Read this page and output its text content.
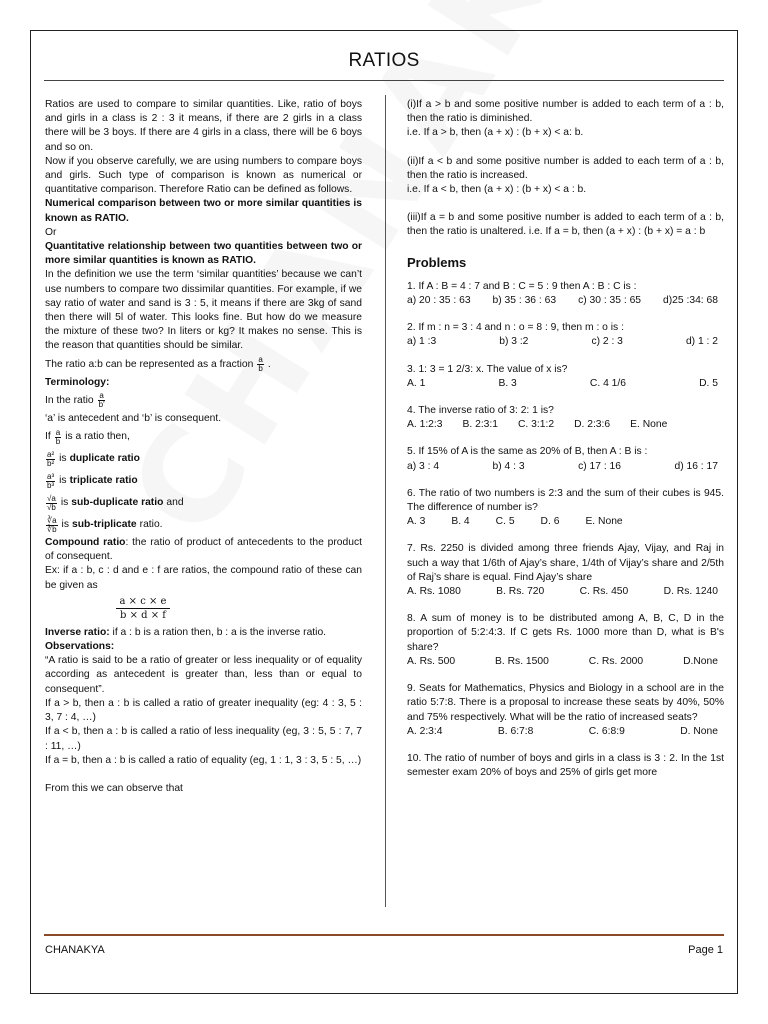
RATIOS

Ratios are used to compare to similar quantities. Like, ratio of boys and girls in a class is 2 : 3 it means, if there are 2 girls in a class there will be 3 boys. If there are 4 girls in a class, there will be 6 boys and so on.

Now if you observe carefully, we are using numbers to compare boys and girls. Such type of comparison is known as numerical or quantitative comparison. Therefore Ratio can be defined as follows.

Numerical comparison between two or more similar quantities is known as RATIO.

Or

Quantitative relationship between two quantities between two or more similar quantities is known as RATIO.

In the definition we use the term ‘similar quantities’ because we can’t use numbers to compare two dissimilar quantities. For example, if we say ratio of water and sand is 3 : 5, it means if there are 3kg of sand then there will 5l of water. This looks fine. But how do we measure the mixture of these two? In liters or kg? It makes no sense. This is the reason that quantities should be similar.

The ratio a:b can be represented as a fraction $\frac{a}{b}$ .

Terminology:

In the ratio $\frac{a}{b'}$

‘a’ is antecedent and ‘b’ is consequent.

If $\frac{a}{b}$ is a ratio then,
$\frac{\text{a²}}{\text{b²}}$ is duplicate ratio
$\frac{\text{a³}}{\text{b³}}$ is triplicate ratio
$\frac{√a}{√b}$ is sub-duplicate ratio and
$\frac{∛a}{∛b}$ is sub-triplicate ratio.

Compound ratio: the ratio of product of antecedents to the product of consequent.

Ex: if a : b, c : d and e : f are ratios, the compound ratio of these can be given as

a × c × e
b × d × f

Inverse ratio: if a : b is a ration then, b : a is the inverse ratio.

Observations:

“A ratio is said to be a ratio of greater or less inequality or of equality according as antecedent is greater than, less than or equal to consequent”.

If a > b, then a : b is called a ratio of greater inequality (eg: 4 : 3, 5 : 3, 7 : 4, …)

If a < b, then a : b is called a ratio of less inequality (eg, 3 : 5, 5 : 7, 7 : 11, …)

If a = b, then a : b is called a ratio of equality (eg, 1 : 1, 3 : 3, 5 : 5, …)

From this we can observe that

(i)If a > b and some positive number is added to each term of a : b, then the ratio is diminished.

i.e. If a > b, then (a + x) : (b + x) < a: b.

(ii)If a < b and some positive number is added to each term of a : b, then the ratio is increased.

i.e. If a < b, then (a + x) : (b + x) < a : b.

(iii)If a = b and some positive number is added to each term of a : b, then the ratio is unaltered. i.e. If a = b, then (a + x) : (b + x) = a : b

Problems

1. If A : B = 4 : 7 and B : C = 5 : 9 then A : B : C is :

a) 20 : 35 : 63 b) 35 : 36 : 63 c) 30 : 35 : 65 d)25 :34: 68

2. If m : n = 3 : 4 and n : o = 8 : 9, then m : o is :

a) 1 :3	b) 3 :2	c) 2 : 3	d) 1 : 2

3. 1: 3 = 1 2/3: x. The value of x is?

A. 1	B. 3	C. 4 1/6	D. 5

4. The inverse ratio of 3: 2: 1 is?

A. 1:2:3 B. 2:3:1 C. 3:1:2 D. 2:3:6 E. None

5. If 15% of A is the same as 20% of B, then A : B is :

a) 3 : 4	b) 4 : 3	c) 17 : 16	d) 16 : 17

6. The ratio of two numbers is 2:3 and the sum of their cubes is 945. The difference of number is?

A. 3	B. 4	C. 5	D. 6	E. None

7. Rs. 2250 is divided among three friends Ajay, Vijay, and Raj in such a way that 1/6th of Ajay’s share, 1/4th of Vijay’s share and 2/5th of Raj’s share is equal. Find Ajay’s share

A. Rs. 1080	B. Rs. 720	C. Rs. 450	D. Rs. 1240

8. A sum of money is to be distributed among A, B, C, D in the proportion of 5:2:4:3. If C gets Rs. 1000 more than D, what is B's share?

A. Rs. 500	B. Rs. 1500	C. Rs. 2000	D.None

9. Seats for Mathematics, Physics and Biology in a school are in the ratio 5:7:8. There is a proposal to increase these seats by 40%, 50% and 75% respectively. What will be the ratio of increased seats?

A. 2:3:4	B. 6:7:8	C. 6:8:9	D. None

10. The ratio of number of boys and girls in a class is 3 : 2. In the 1st semester exam 20% of boys and 25% of girls get more

CHANAKYA	Page 1
